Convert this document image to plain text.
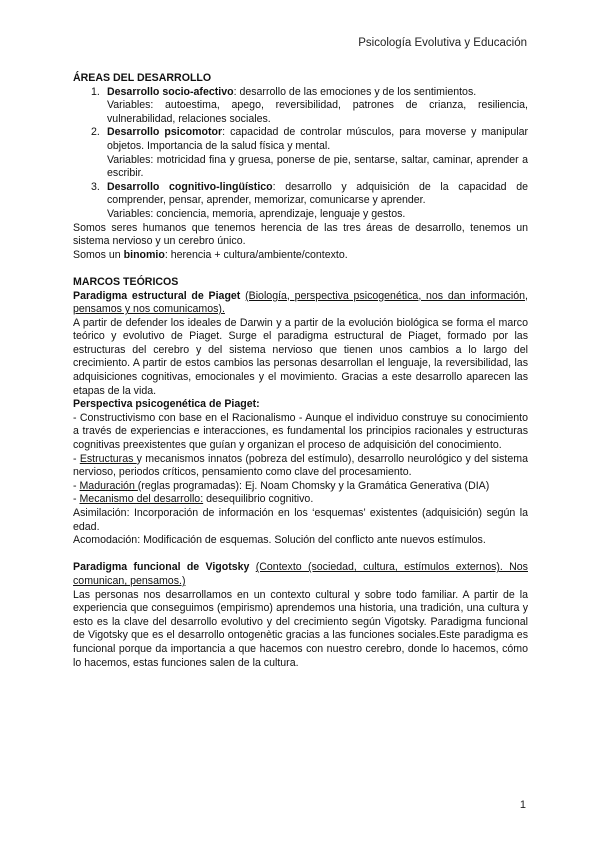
Psicología Evolutiva y Educación

ÁREAS DEL DESARROLLO

1. Desarrollo socio-afectivo: desarrollo de las emociones y de los sentimientos.
Variables: autoestima, apego, reversibilidad, patrones de crianza, resiliencia, vulnerabilidad, relaciones sociales.
2. Desarrollo psicomotor: capacidad de controlar músculos, para moverse y manipular objetos. Importancia de la salud física y mental.
Variables: motricidad fina y gruesa, ponerse de pie, sentarse, saltar, caminar, aprender a escribir.
3. Desarrollo cognitivo-lingüístico: desarrollo y adquisición de la capacidad de comprender, pensar, aprender, memorizar, comunicarse y aprender.
Variables: conciencia, memoria, aprendizaje, lenguaje y gestos.

Somos seres humanos que tenemos herencia de las tres áreas de desarrollo, tenemos un sistema nervioso y un cerebro único.

Somos un binomio: herencia + cultura/ambiente/contexto.

MARCOS TEÓRICOS

Paradigma estructural de Piaget (Biología, perspectiva psicogenética, nos dan información, pensamos y nos comunicamos).

A partir de defender los ideales de Darwin y a partir de la evolución biológica se forma el marco teórico y evolutivo de Piaget. Surge el paradigma estructural de Piaget, formado por las estructuras del cerebro y del sistema nervioso que tienen unos cambios a lo largo del crecimiento. A partir de estos cambios las personas desarrollan el lenguaje, la reversibilidad, las adquisiciones cognitivas, emocionales y el movimiento. Gracias a este desarrollo aparecen las etapas de la vida.

Perspectiva psicogenética de Piaget:

- Constructivismo con base en el Racionalismo - Aunque el individuo construye su conocimiento a través de experiencias e interacciones, es fundamental los principios racionales y estructuras cognitivas preexistentes que guían y organizan el proceso de adquisición del conocimiento.

- Estructuras y mecanismos innatos (pobreza del estímulo), desarrollo neurológico y del sistema nervioso, periodos críticos, pensamiento como clave del procesamiento.

- Maduración (reglas programadas): Ej. Noam Chomsky y la Gramática Generativa (DIA)

- Mecanismo del desarrollo: desequilibrio cognitivo.

Asimilación: Incorporación de información en los ‘esquemas’ existentes (adquisición) según la edad.

Acomodación: Modificación de esquemas. Solución del conflicto ante nuevos estímulos.

Paradigma funcional de Vigotsky (Contexto (sociedad, cultura, estímulos externos). Nos comunican, pensamos.)

Las personas nos desarrollamos en un contexto cultural y sobre todo familiar. A partir de la experiencia que conseguimos (empirismo) aprendemos una historia, una tradición, una cultura y esto es la clave del desarrollo evolutivo y del crecimiento según Vigotsky. Paradigma funcional de Vigotsky que es el desarrollo ontogenètic gracias a las funciones sociales.Este paradigma es funcional porque da importancia a que hacemos con nuestro cerebro, donde lo hacemos, cómo lo hacemos, estas funciones salen de la cultura.

1
